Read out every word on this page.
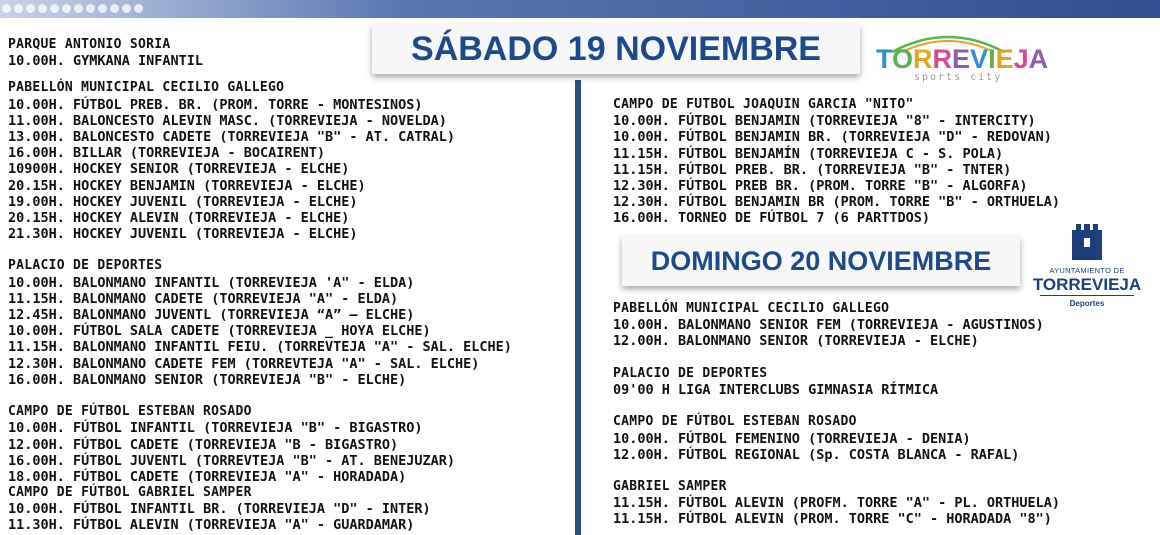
SÁBADO 19 NOVIEMBRE
DOMINGO 20 NOVIEMBRE
TORREVIEJA
sports city
AYUNTAMIENTO DE
TORREVIEJA
Deportes
PARQUE ANTONIO SORIA
10.00H. GYMKANA INFANTIL
PABELLÓN MUNICIPAL CECILIO GALLEGO
10.00H. FÚTBOL PREB. BR. (PROM. TORRE - MONTESINOS)
11.00H. BALONCESTO ALEVIN MASC. (TORREVIEJA - NOVELDA)
13.00H. BALONCESTO CADETE (TORREVIEJA "B" - AT. CATRAL)
16.00H. BILLAR (TORREVIEJA - BOCAIRENT)
10900H. HOCKEY SENIOR (TORREVIEJA - ELCHE)
20.15H. HOCKEY BENJAMIN (TORREVIEJA - ELCHE)
19.00H. HOCKEY JUVENIL (TORREVIEJA - ELCHE)
20.15H. HOCKEY ALEVIN (TORREVIEJA - ELCHE)
21.30H. HOCKEY JUVENIL (TORREVIEJA - ELCHE)
PALACIO DE DEPORTES
10.00H. BALONMANO INFANTIL (TORREVIEJA 'A" - ELDA)
11.15H. BALONMANO CADETE (TORREVIEJA "A" - ELDA)
12.45H. BALONMANO JUVENTL (TORREVIEJA “A” – ELCHE)
10.00H. FÚTBOL SALA CADETE (TORREVIEJA _ HOYA ELCHE)
11.15H. BALONMANO INFANTIL FEIU. (TORREVTEJA "A" - SAL. ELCHE)
12.30H. BALONMANO CADETE FEM (TORREVTEJA "A" - SAL. ELCHE)
16.00H. BALONMANO SENIOR (TORREVIEJA "B" - ELCHE)
CAMPO DE FÚTBOL ESTEBAN ROSADO
10.00H. FÚTBOL INFANTIL (TORREVIEJA "B" - BIGASTRO)
12.00H. FÚTBOL CADETE (TORREVIEJA "B - BIGASTRO)
16.00H. FÚTBOL JUVENTL (TORREVTEJA "B" - AT. BENEJUZAR)
18.00H. FÚTBOL CADETE (TORREVIEJA "A" - HORADADA)
CAMPO DE FÚTBOL GABRIEL SAMPER
10.00H. FÚTBOL INFANTIL BR. (TORREVIEJA "D" - INTER)
11.30H. FÚTBOL ALEVIN (TORREVIEJA "A" - GUARDAMAR)
CAMPO DE FUTBOL JOAQUIN GARCIA "NITO"
10.00H. FÚTBOL BENJAMIN (TORREVIEJA "8" - INTERCITY)
10.00H. FÚTBOL BENJAMIN BR. (TORREVIEJA "D" - REDOVAN)
11.15H. FÚTBOL BENJAMÍN (TORREVIEJA C - S. POLA)
11.15H. FÚTBOL PREB. BR. (TORREVIEJA "B" - TNTER)
12.30H. FÚTBOL PREB BR. (PROM. TORRE "B" - ALGORFA)
12.30H. FÚTBOL BENJAMIN BR (PROM. TORRE "B" - ORTHUELA)
16.00H. TORNEO DE FÚTBOL 7 (6 PARTTDOS)
PABELLÓN MUNICIPAL CECILIO GALLEGO
10.00H. BALONMANO SENIOR FEM (TORREVIEJA - AGUSTINOS)
12.00H. BALONMANO SENIOR (TORREVIEJA - ELCHE)
PALACIO DE DEPORTES
09'00 H LIGA INTERCLUBS GIMNASIA RÍTMICA
CAMPO DE FÚTBOL ESTEBAN ROSADO
10.00H. FÚTBOL FEMENINO (TORREVIEJA - DENIA)
12.00H. FÚTBOL REGIONAL (Sp. COSTA BLANCA - RAFAL)
GABRIEL SAMPER
11.15H. FÚTBOL ALEVIN (PROFM. TORRE "A" - PL. ORTHUELA)
11.15H. FÚTBOL ALEVIN (PROM. TORRE "C" - HORADADA "8")
